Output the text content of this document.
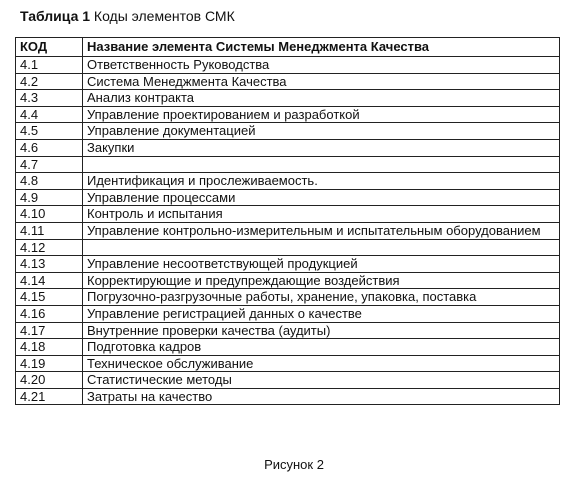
Таблица 1 Коды элементов СМК
КОД	Название элемента Системы Менеджмента Качества
4.1	Ответственность Руководства
4.2	Система Менеджмента Качества
4.3	Анализ контракта
4.4	Управление проектированием и разработкой
4.5	Управление документацией
4.6	Закупки
4.7	
4.8	Идентификация и прослеживаемость.
4.9	Управление процессами
4.10	Контроль и испытания
4.11	Управление контрольно-измерительным и испытательным оборудованием
4.12	
4.13	Управление несоответствующей продукцией
4.14	Корректирующие и предупреждающие воздействия
4.15	Погрузочно-разгрузочные работы, хранение, упаковка, поставка
4.16	Управление регистрацией данных о качестве
4.17	Внутренние проверки качества (аудиты)
4.18	Подготовка кадров
4.19	Техническое обслуживание
4.20	Статистические методы
4.21	Затраты на качество
Рисунок 2
